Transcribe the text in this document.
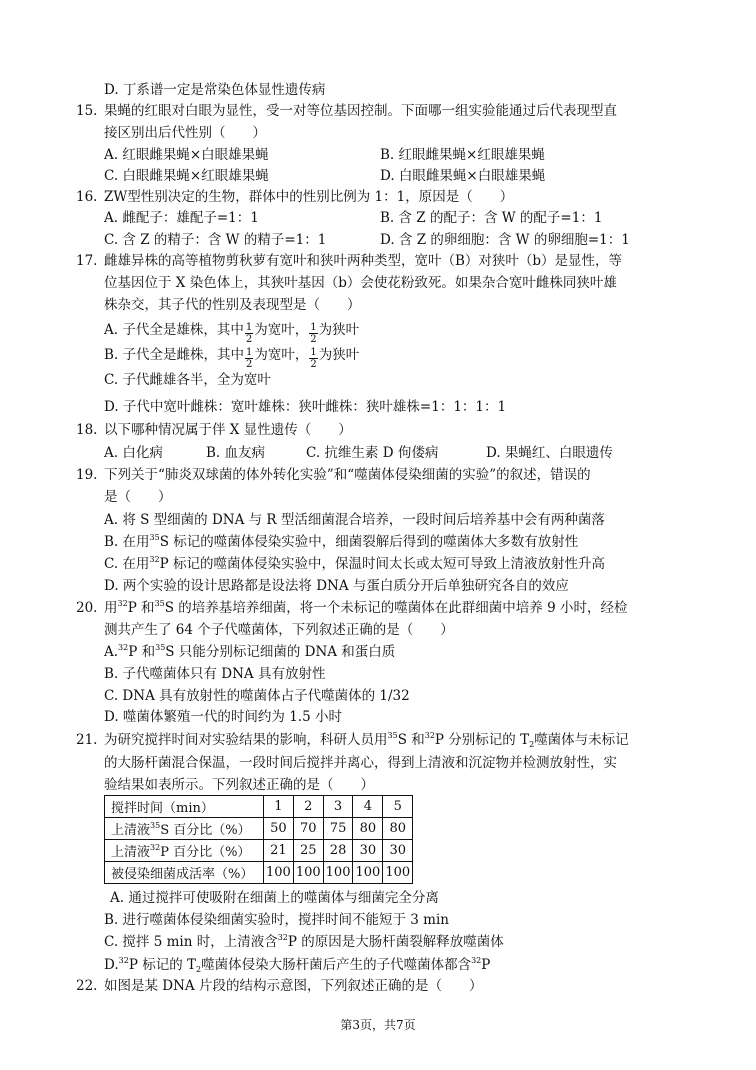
D. 丁系谱一定是常染色体显性遗传病
15. 果蝇的红眼对白眼为显性，受一对等位基因控制。下面哪一组实验能通过后代表现型直
接区别出后代性别（　　）
A. 红眼雌果蝇×白眼雄果蝇	B. 红眼雌果蝇×红眼雄果蝇
C. 白眼雌果蝇×红眼雄果蝇	D. 白眼雌果蝇×白眼雄果蝇
16. ZW型性别决定的生物，群体中的性别比例为 1：1，原因是（　　）
A. 雌配子：雄配子=1：1	B. 含 Z 的配子：含 W 的配子=1：1
C. 含 Z 的精子：含 W 的精子=1：1	D. 含 Z 的卵细胞：含 W 的卵细胞=1：1
17. 雌雄异株的高等植物剪秋萝有宽叶和狭叶两种类型，宽叶（B）对狭叶（b）是显性，等
位基因位于 X 染色体上，其狭叶基因（b）会使花粉致死。如果杂合宽叶雌株同狭叶雄
株杂交，其子代的性别及表现型是（　　）
A. 子代全是雄株，其中 $\frac{1}{2}$ 为宽叶， $\frac{1}{2}$ 为狭叶
B. 子代全是雌株，其中 $\frac{1}{2}$ 为宽叶， $\frac{1}{2}$ 为狭叶
C. 子代雌雄各半，全为宽叶
D. 子代中宽叶雌株：宽叶雄株：狭叶雌株：狭叶雄株=1：1：1：1
18. 以下哪种情况属于伴 X 显性遗传（　　）
A. 白化病	B. 血友病	C. 抗维生素 D 佝偻病	D. 果蝇红、白眼遗传
19. 下列关于“肺炎双球菌的体外转化实验”和“噬菌体侵染细菌的实验”的叙述，错误的
是（　　）
A. 将 S 型细菌的 DNA 与 R 型活细菌混合培养，一段时间后培养基中会有两种菌落
B. 在用$^{35}$S 标记的噬菌体侵染实验中，细菌裂解后得到的噬菌体大多数有放射性
C. 在用$^{32}$P 标记的噬菌体侵染实验中，保温时间太长或太短可导致上清液放射性升高
D. 两个实验的设计思路都是设法将 DNA 与蛋白质分开后单独研究各自的效应
20. 用$^{32}$P 和$^{35}$S 的培养基培养细菌，将一个未标记的噬菌体在此群细菌中培养 9 小时，经检
测共产生了 64 个子代噬菌体，下列叙述正确的是（　　）
A.$^{32}$P 和$^{35}$S 只能分别标记细菌的 DNA 和蛋白质
B. 子代噬菌体只有 DNA 具有放射性
C. DNA 具有放射性的噬菌体占子代噬菌体的 1/32
D. 噬菌体繁殖一代的时间约为 1.5 小时
21. 为研究搅拌时间对实验结果的影响，科研人员用$^{35}$S 和$^{32}$P 分别标记的 $T_2$噬菌体与未标记
的大肠杆菌混合保温，一段时间后搅拌并离心，得到上清液和沉淀物并检测放射性，实
验结果如表所示。下列叙述正确的是（　　）
搅拌时间（min）	1	2	3	4	5
上清液$^{35}$S 百分比（%）	50	70	75	80	80
上清液$^{32}$P 百分比（%）	21	25	28	30	30
被侵染细菌成活率（%）	100	100	100	100	100
A. 通过搅拌可使吸附在细菌上的噬菌体与细菌完全分离
B. 进行噬菌体侵染细菌实验时，搅拌时间不能短于 3 min
C. 搅拌 5 min 时，上清液含$^{32}$P 的原因是大肠杆菌裂解释放噬菌体
D.$^{32}$P 标记的 $T_2$噬菌体侵染大肠杆菌后产生的子代噬菌体都含$^{32}$P
22. 如图是某 DNA 片段的结构示意图，下列叙述正确的是（　　）
第3页，共7页
